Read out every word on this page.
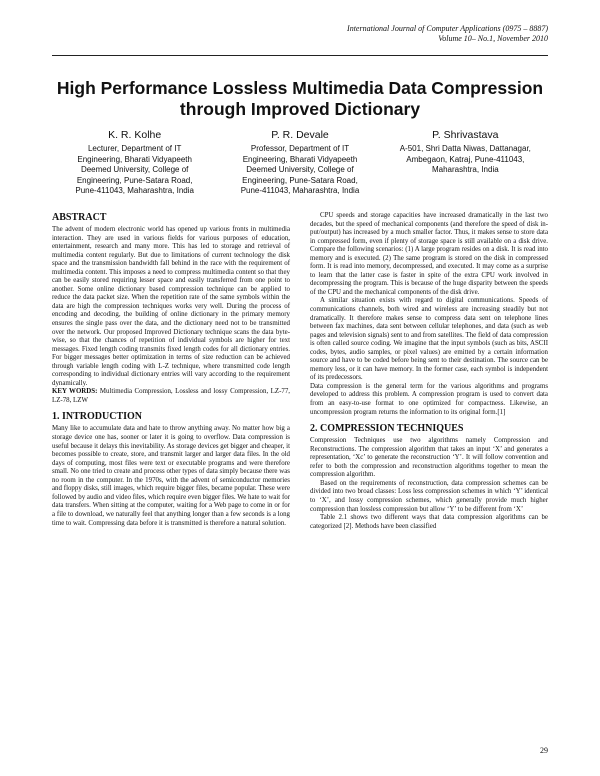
International Journal of Computer Applications (0975 – 8887)
Volume 10– No.1, November 2010
High Performance Lossless Multimedia Data Compression
through Improved Dictionary
K. R. Kolhe
Lecturer, Department of IT
Engineering, Bharati Vidyapeeth
Deemed University, College of
Engineering, Pune-Satara Road,
Pune-411043, Maharashtra, India
P. R. Devale
Professor, Department of IT
Engineering, Bharati Vidyapeeth
Deemed University, College of
Engineering, Pune-Satara Road,
Pune-411043, Maharashtra, India
P. Shrivastava
A-501, Shri Datta Niwas, Dattanagar,
Ambegaon, Katraj, Pune-411043,
Maharashtra, India
ABSTRACT

The advent of modern electronic world has opened up various fronts in multimedia interaction. They are used in various fields for various purposes of education, entertainment, research and many more. This has led to storage and retrieval of multimedia content regularly. But due to limitations of current technology the disk space and the transmission bandwidth fall behind in the race with the requirement of multimedia content. This imposes a need to compress multimedia content so that they can be easily stored requiring lesser space and easily transferred from one point to another. Some online dictionary based compression technique can be applied to reduce the data packet size. When the repetition rate of the same symbols within the data are high the compression techniques works very well. During the process of encoding and decoding, the building of online dictionary in the primary memory ensures the single pass over the data, and the dictionary need not to be transmitted over the network. Our proposed Improved Dictionary technique scans the data byte-wise, so that the chances of repetition of individual symbols are higher for text messages. Fixed length coding transmits fixed length codes for all dictionary entries. For bigger messages better optimization in terms of size reduction can be achieved through variable length coding with L-Z technique, where transmitted code length corresponding to individual dictionary entries will vary according to the requirement dynamically.

KEY WORDS: Multimedia Compression, Lossless and lossy Compression, LZ-77, LZ-78, LZW

1. INTRODUCTION

Many like to accumulate data and hate to throw anything away. No matter how big a storage device one has, sooner or later it is going to overflow. Data compression is useful because it delays this inevitability. As storage devices get bigger and cheaper, it becomes possible to create, store, and transmit larger and larger data files. In the old days of computing, most files were text or executable programs and were therefore small. No one tried to create and process other types of data simply because there was no room in the computer. In the 1970s, with the advent of semiconductor memories and floppy disks, still images, which require bigger files, became popular. These were followed by audio and video files, which require even bigger files. We hate to wait for data transfers. When sitting at the computer, waiting for a Web page to come in or for a file to download, we naturally feel that anything longer than a few seconds is a long time to wait. Compressing data before it is transmitted is therefore a natural solution.

CPU speeds and storage capacities have increased dramatically in the last two decades, but the speed of mechanical components (and therefore the speed of disk in- put/output) has increased by a much smaller factor. Thus, it makes sense to store data in compressed form, even if plenty of storage space is still available on a disk drive. Compare the following scenarios: (1) A large program resides on a disk. It is read into memory and is executed. (2) The same program is stored on the disk in compressed form. It is read into memory, decompressed, and executed. It may come as a surprise to learn that the latter case is faster in spite of the extra CPU work involved in decompressing the program. This is because of the huge disparity between the speeds of the CPU and the mechanical components of the disk drive.

A similar situation exists with regard to digital communications. Speeds of communications channels, both wired and wireless are increasing steadily but not dramatically. It therefore makes sense to compress data sent on telephone lines between fax machines, data sent between cellular telephones, and data (such as web pages and television signals) sent to and from satellites. The field of data compression is often called source coding. We imagine that the input symbols (such as bits, ASCII codes, bytes, audio samples, or pixel values) are emitted by a certain information source and have to be coded before being sent to their destination. The source can be memory less, or it can have memory. In the former case, each symbol is independent of its predecessors.

Data compression is the general term for the various algorithms and programs developed to address this problem. A compression program is used to convert data from an easy-to-use format to one optimized for compactness. Likewise, an uncompression program returns the information to its original form.[1]

2. COMPRESSION TECHNIQUES

Compression Techniques use two algorithms namely Compression and Reconstructions. The compression algorithm that takes an input ‘X’ and generates a representation, ‘Xc’ to generate the reconstruction ‘Y’. It will follow convention and refer to both the compression and reconstruction algorithms together to mean the compression algorithm.

Based on the requirements of reconstruction, data compression schemes can be divided into two broad classes: Loss less compression schemes in which ‘Y’ identical to ‘X’, and lossy compression schemes, which generally provide much higher compression than lossless compression but allow ‘Y’ to be different from ‘X’

Table 2.1 shows two different ways that data compression algorithms can be categorized [2]. Methods have been classified

29
